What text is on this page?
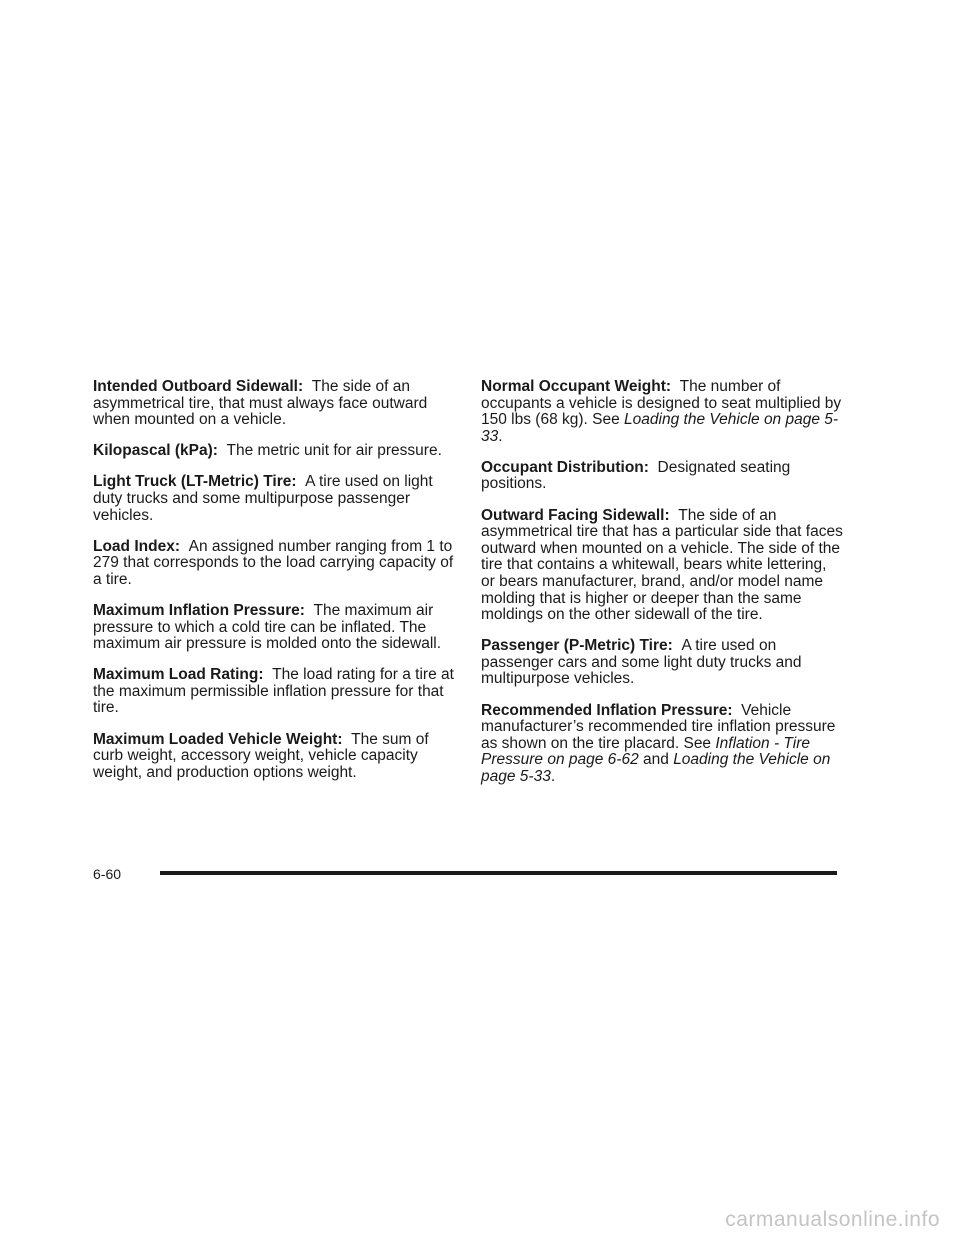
Intended Outboard Sidewall: The side of an asymmetrical tire, that must always face outward when mounted on a vehicle.

Kilopascal (kPa): The metric unit for air pressure.

Light Truck (LT-Metric) Tire: A tire used on light duty trucks and some multipurpose passenger vehicles.

Load Index: An assigned number ranging from 1 to 279 that corresponds to the load carrying capacity of a tire.

Maximum Inflation Pressure: The maximum air pressure to which a cold tire can be inflated. The maximum air pressure is molded onto the sidewall.

Maximum Load Rating: The load rating for a tire at the maximum permissible inflation pressure for that tire.

Maximum Loaded Vehicle Weight: The sum of curb weight, accessory weight, vehicle capacity weight, and production options weight.

Normal Occupant Weight: The number of occupants a vehicle is designed to seat multiplied by 150 lbs (68 kg). See Loading the Vehicle on page 5-33.

Occupant Distribution: Designated seating positions.

Outward Facing Sidewall: The side of an asymmetrical tire that has a particular side that faces outward when mounted on a vehicle. The side of the tire that contains a whitewall, bears white lettering, or bears manufacturer, brand, and/or model name molding that is higher or deeper than the same moldings on the other sidewall of the tire.

Passenger (P-Metric) Tire: A tire used on passenger cars and some light duty trucks and multipurpose vehicles.

Recommended Inflation Pressure: Vehicle manufacturer’s recommended tire inflation pressure as shown on the tire placard. See Inflation - Tire Pressure on page 6-62 and Loading the Vehicle on page 5-33.

6-60
carmanualsonline.info
